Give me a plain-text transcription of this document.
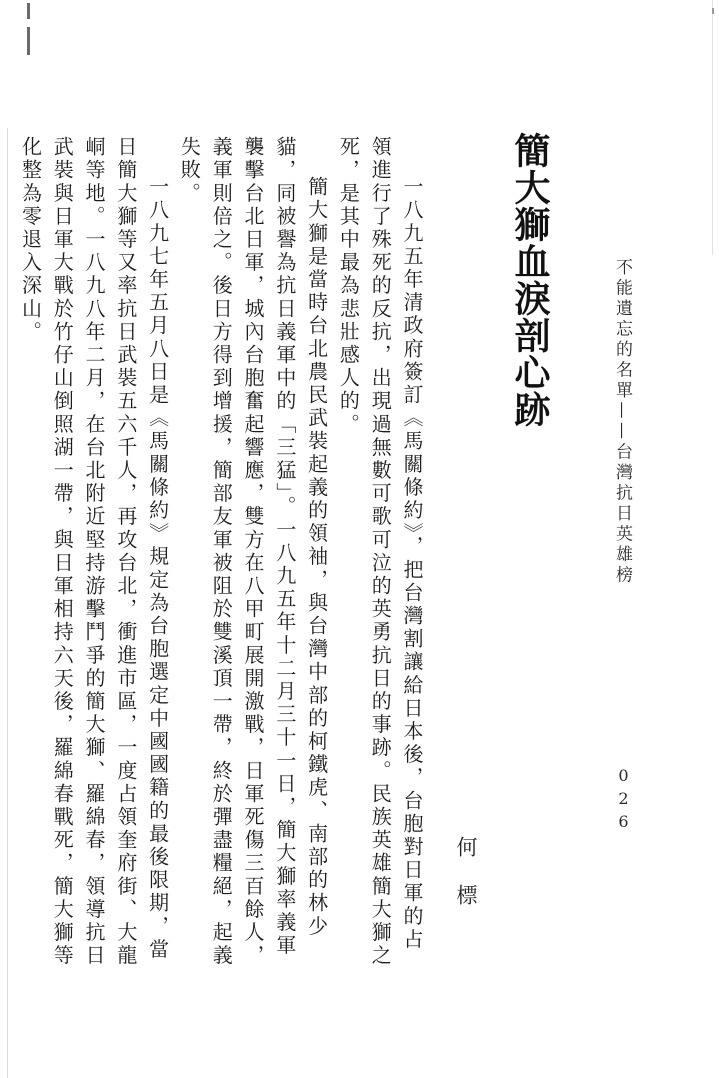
不能遺忘的名單——台灣抗日英雄榜
026
簡大獅血淚剖心跡
何標

一八九五年清政府簽訂《馬關條約》，把台灣割讓給日本後，台胞對日軍的占領進行了殊死的反抗，出現過無數可歌可泣的英勇抗日的事跡。民族英雄簡大獅之死，是其中最為悲壯感人的。

簡大獅是當時台北農民武裝起義的領袖，與台灣中部的柯鐵虎、南部的林少貓，同被譽為抗日義軍中的「三猛」。一八九五年十二月三十一日，簡大獅率義軍襲擊台北日軍，城內台胞奮起響應，雙方在八甲町展開激戰，日軍死傷三百餘人，義軍則倍之。後日方得到增援，簡部友軍被阻於雙溪頂一帶，終於彈盡糧絕，起義失敗。

一八九七年五月八日是《馬關條約》規定為台胞選定中國國籍的最後限期，當日簡大獅等又率抗日武裝五六千人，再攻台北，衝進市區，一度占領奎府街、大龍峒等地。一八九八年二月，在台北附近堅持游擊鬥爭的簡大獅、羅綿春，領導抗日武裝與日軍大戰於竹仔山倒照湖一帶，與日軍相持六天後，羅綿春戰死，簡大獅等化整為零退入深山。
